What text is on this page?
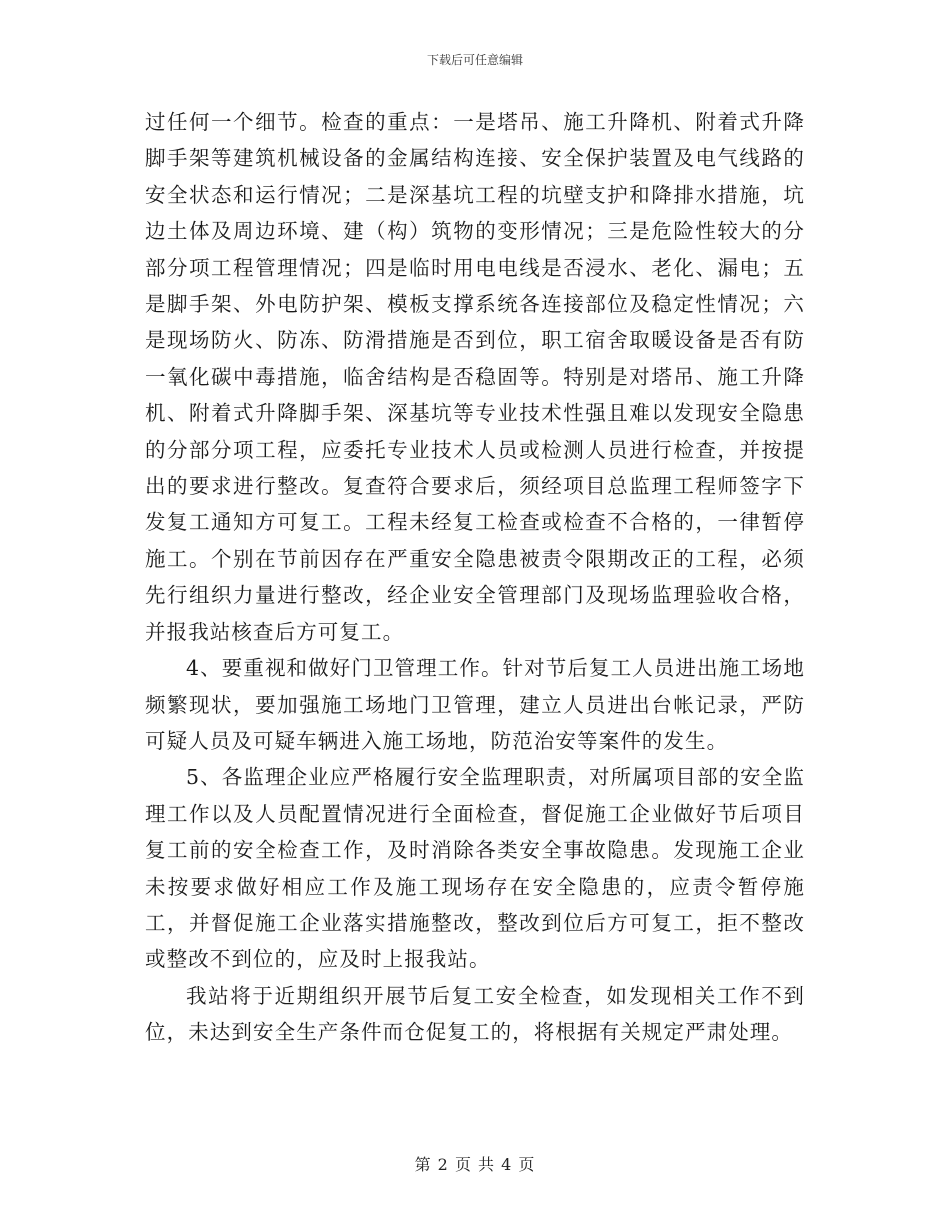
下载后可任意编辑

过任何一个细节。检查的重点：一是塔吊、施工升降机、附着式升降脚手架等建筑机械设备的金属结构连接、安全保护装置及电气线路的安全状态和运行情况；二是深基坑工程的坑壁支护和降排水措施，坑边土体及周边环境、建（构）筑物的变形情况；三是危险性较大的分部分项工程管理情况；四是临时用电电线是否浸水、老化、漏电；五是脚手架、外电防护架、模板支撑系统各连接部位及稳定性情况；六是现场防火、防冻、防滑措施是否到位，职工宿舍取暖设备是否有防一氧化碳中毒措施，临舍结构是否稳固等。特别是对塔吊、施工升降机、附着式升降脚手架、深基坑等专业技术性强且难以发现安全隐患的分部分项工程，应委托专业技术人员或检测人员进行检查，并按提出的要求进行整改。复查符合要求后，须经项目总监理工程师签字下发复工通知方可复工。工程未经复工检查或检查不合格的，一律暂停施工。个别在节前因存在严重安全隐患被责令限期改正的工程，必须先行组织力量进行整改，经企业安全管理部门及现场监理验收合格，并报我站核查后方可复工。

4、要重视和做好门卫管理工作。针对节后复工人员进出施工场地频繁现状，要加强施工场地门卫管理，建立人员进出台帐记录，严防可疑人员及可疑车辆进入施工场地，防范治安等案件的发生。

5、各监理企业应严格履行安全监理职责，对所属项目部的安全监理工作以及人员配置情况进行全面检查，督促施工企业做好节后项目复工前的安全检查工作，及时消除各类安全事故隐患。发现施工企业未按要求做好相应工作及施工现场存在安全隐患的，应责令暂停施工，并督促施工企业落实措施整改，整改到位后方可复工，拒不整改或整改不到位的，应及时上报我站。

我站将于近期组织开展节后复工安全检查，如发现相关工作不到位，未达到安全生产条件而仓促复工的，将根据有关规定严肃处理。

第 2 页 共 4 页
